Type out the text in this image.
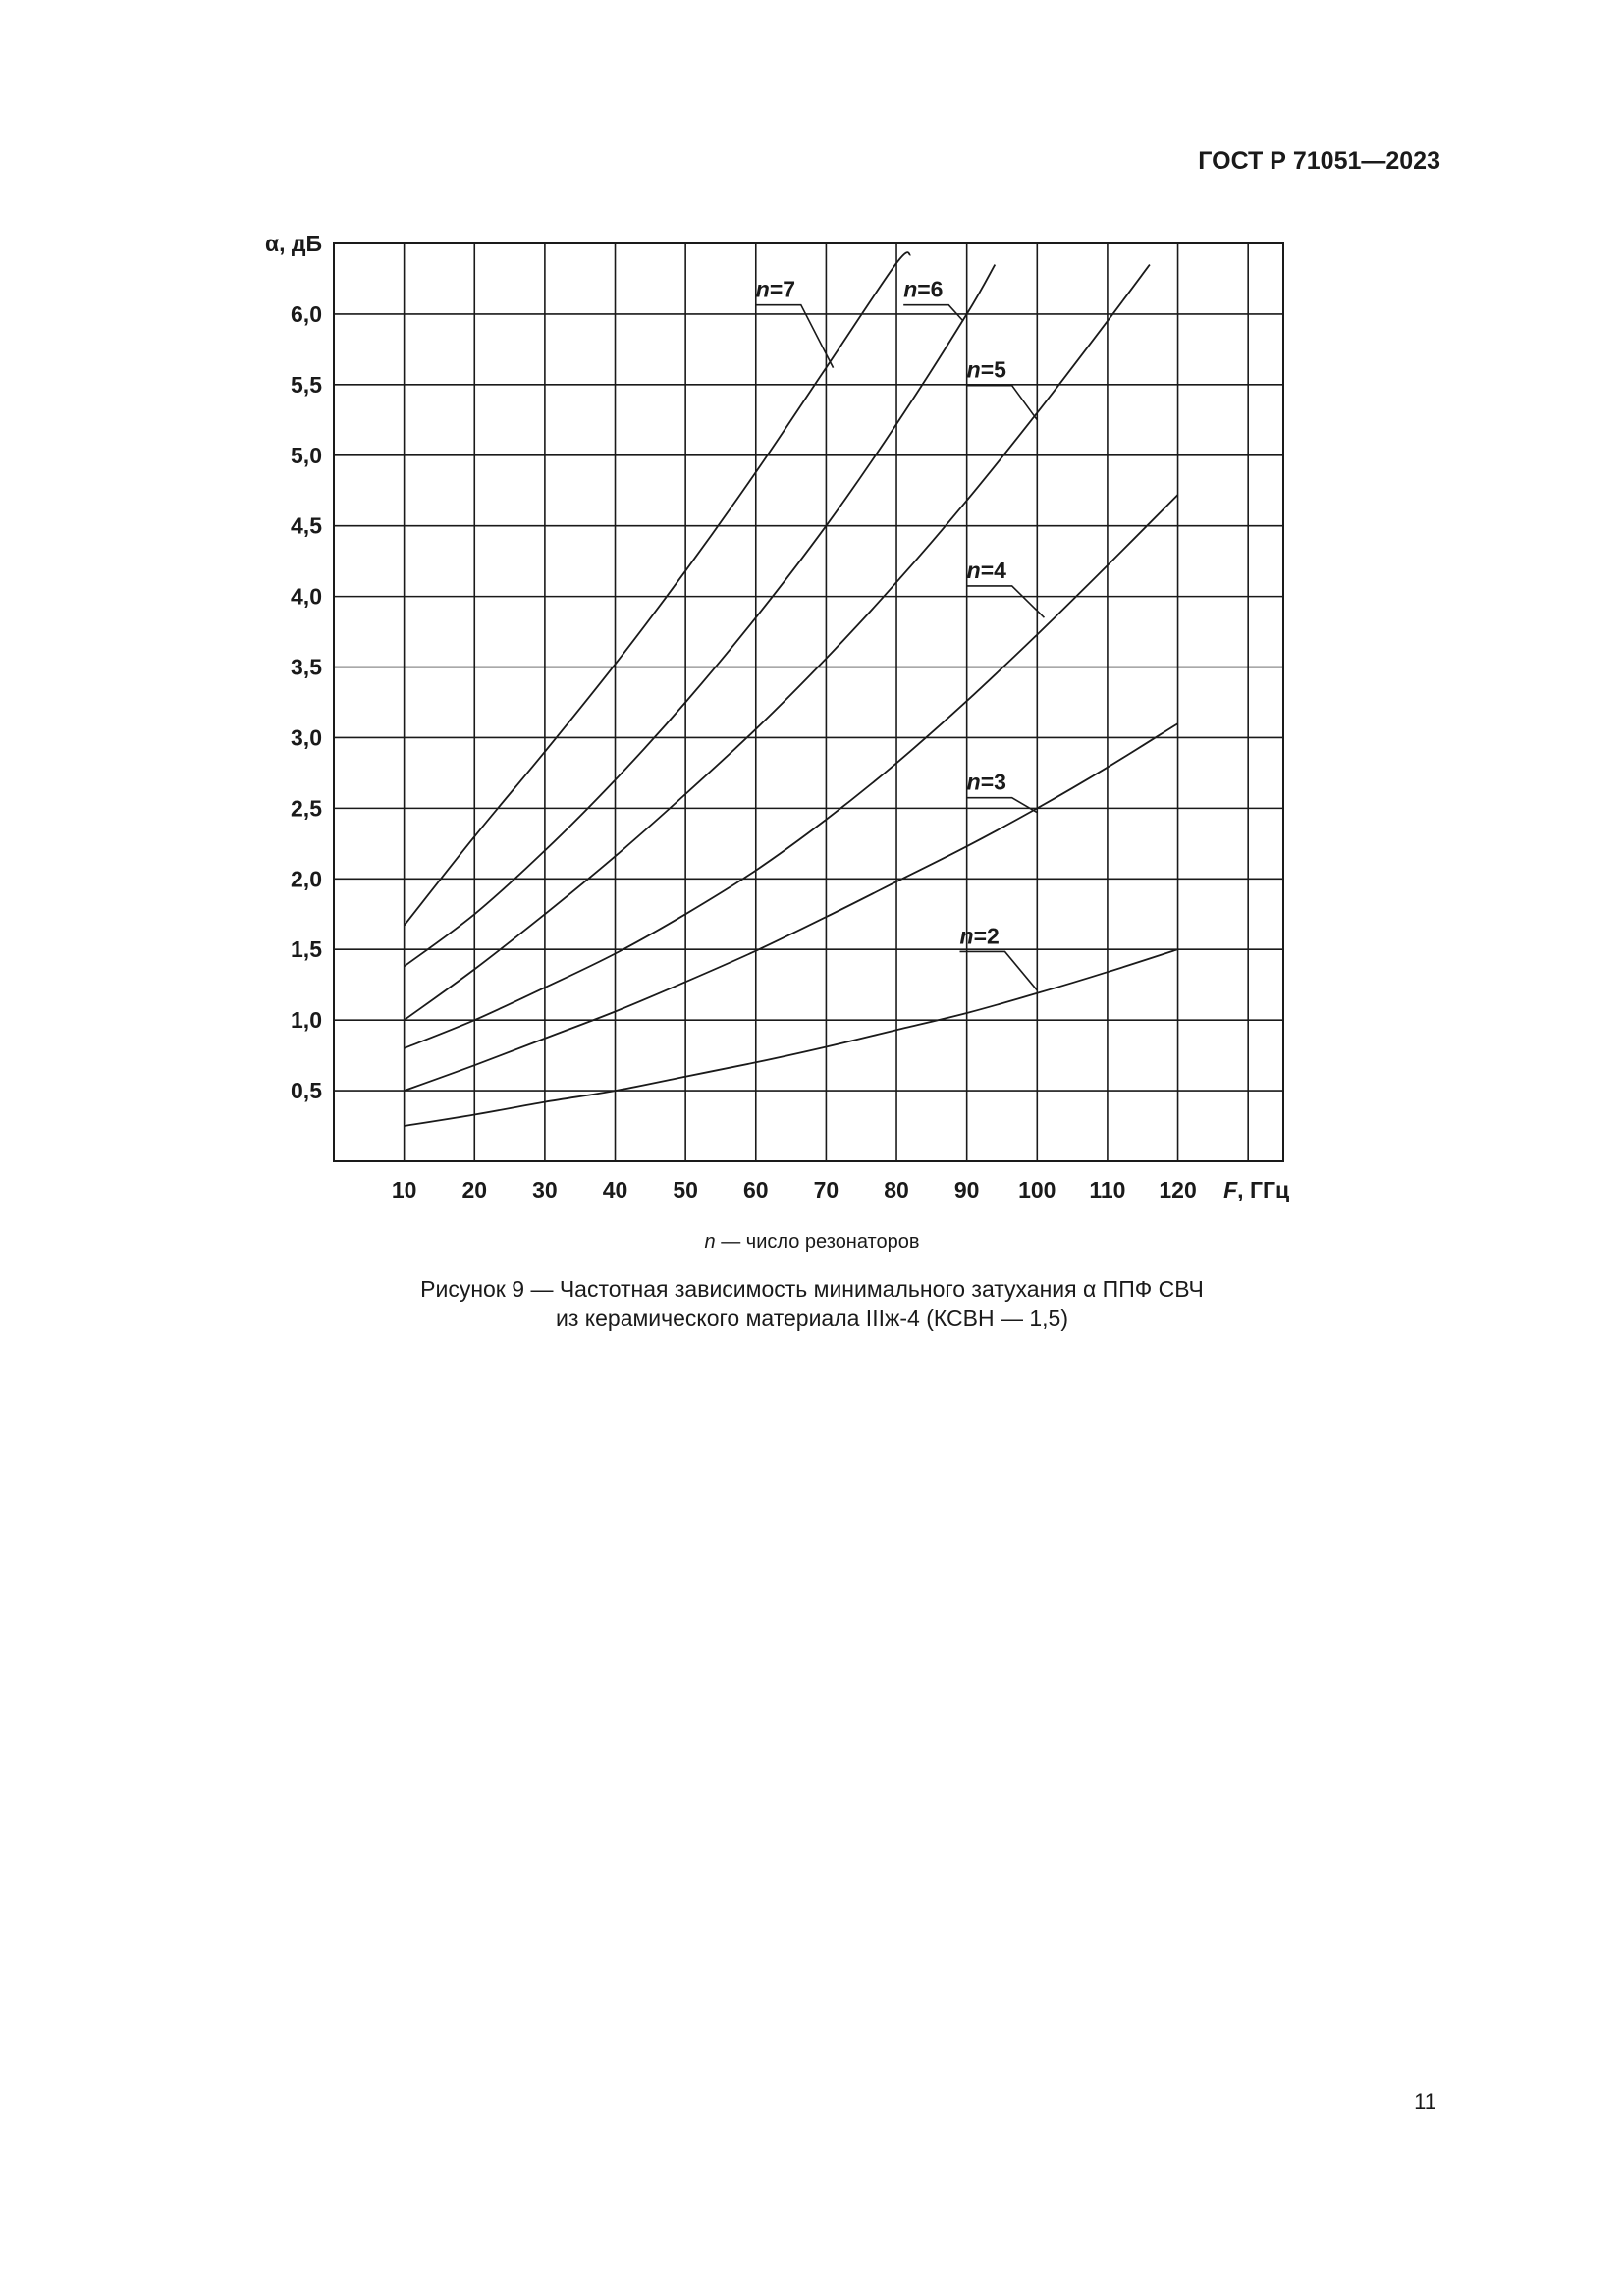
ГОСТ Р 71051—2023
0,5
1,0
1,5
2,0
2,5
3,0
3,5
4,0
4,5
5,0
5,5
6,0
10 20 30 40 50 60 70 80 90 100 110 120
α, дБ
F, ГГц
n=2
n=3
n=4
n=5
n=6
n=7
n — число резонаторов
Рисунок 9 — Частотная зависимость минимального затухания α ППФ СВЧ
из керамического материала IIIж-4 (КСВН — 1,5)
11
